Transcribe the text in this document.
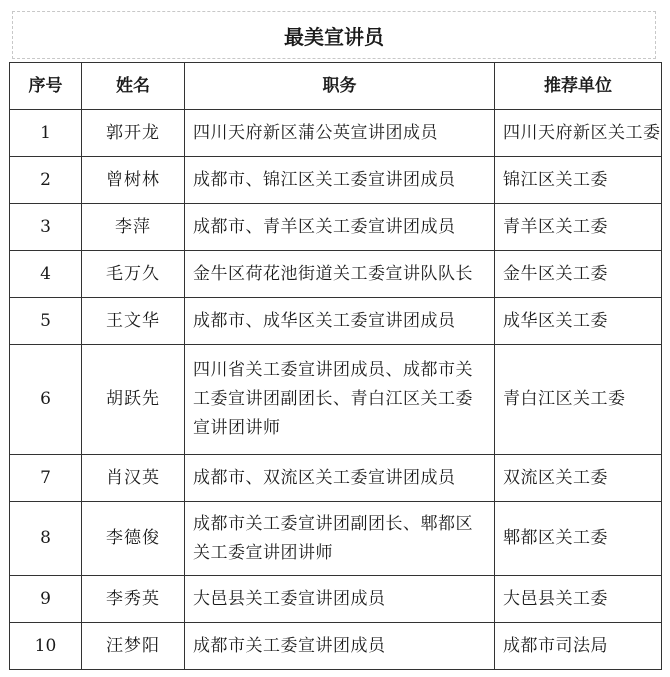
最美宣讲员
序号	姓名	职务	推荐单位
1	郭开龙	四川天府新区蒲公英宣讲团成员	四川天府新区关工委
2	曾树林	成都市、锦江区关工委宣讲团成员	锦江区关工委
3	李萍	成都市、青羊区关工委宣讲团成员	青羊区关工委
4	毛万久	金牛区荷花池街道关工委宣讲队队长	金牛区关工委
5	王文华	成都市、成华区关工委宣讲团成员	成华区关工委
6	胡跃先	四川省关工委宣讲团成员、成都市关工委宣讲团副团长、青白江区关工委宣讲团讲师	青白江区关工委
7	肖汉英	成都市、双流区关工委宣讲团成员	双流区关工委
8	李德俊	成都市关工委宣讲团副团长、郫都区关工委宣讲团讲师	郫都区关工委
9	李秀英	大邑县关工委宣讲团成员	大邑县关工委
10	汪梦阳	成都市关工委宣讲团成员	成都市司法局
